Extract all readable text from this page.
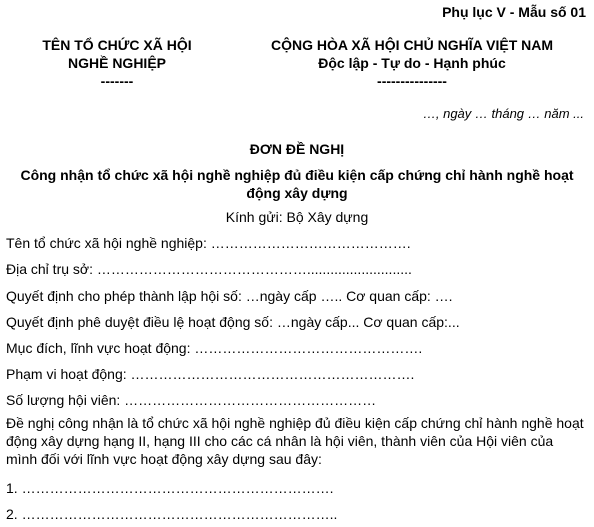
Phụ lục V - Mẫu số 01
TÊN TỔ CHỨC XÃ HỘI
NGHỀ NGHIỆP
-------
CỘNG HÒA XÃ HỘI CHỦ NGHĨA VIỆT NAM
Độc lập - Tự do - Hạnh phúc
---------------
…, ngày … tháng … năm ...
ĐƠN ĐỀ NGHỊ
Công nhận tổ chức xã hội nghề nghiệp đủ điều kiện cấp chứng chỉ hành nghề hoạt động xây dựng
Kính gửi: Bộ Xây dựng
Tên tổ chức xã hội nghề nghiệp: …………………………………….
Địa chỉ trụ sở: ………………………………………...........................
Quyết định cho phép thành lập hội số: …ngày cấp ….. Cơ quan cấp: ….
Quyết định phê duyệt điều lệ hoạt động số: …ngày cấp... Cơ quan cấp:...
Mục đích, lĩnh vực hoạt động: ………………………………………….
Phạm vi hoạt động: …………………………………………………….
Số lượng hội viên: ………………………………………………
Đề nghị công nhận là tổ chức xã hội nghề nghiệp đủ điều kiện cấp chứng chỉ hành nghề hoạt động xây dựng hạng II, hạng III cho các cá nhân là hội viên, thành viên của Hội viên của mình đối với lĩnh vực hoạt động xây dựng sau đây:
1. ………………………………………………………….
2. …………………………………………………………..
